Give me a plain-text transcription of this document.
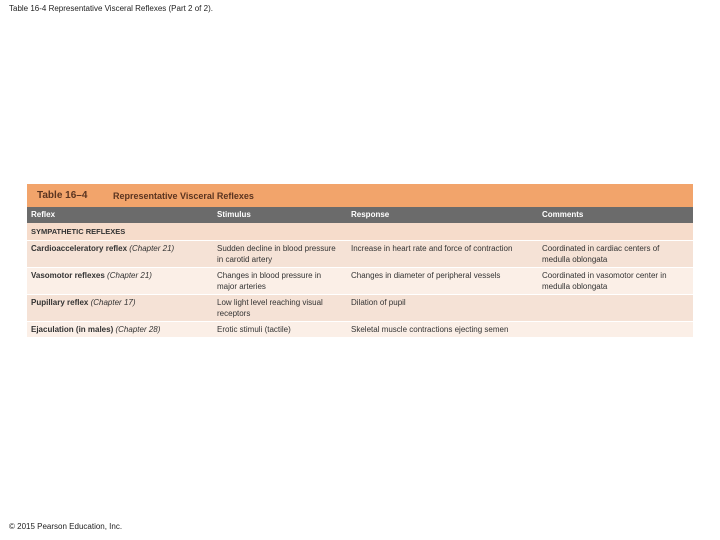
Table 16-4 Representative Visceral Reflexes (Part 2 of 2).
Table 16–4	Representative Visceral Reflexes
Reflex	Stimulus	Response	Comments
SYMPATHETIC REFLEXES			
Cardioacceleratory reflex (Chapter 21)	Sudden decline in blood pressure in carotid artery	Increase in heart rate and force of contraction	Coordinated in cardiac centers of medulla oblongata
Vasomotor reflexes (Chapter 21)	Changes in blood pressure in major arteries	Changes in diameter of peripheral vessels	Coordinated in vasomotor center in medulla oblongata
Pupillary reflex (Chapter 17)	Low light level reaching visual receptors	Dilation of pupil	
Ejaculation (in males) (Chapter 28)	Erotic stimuli (tactile)	Skeletal muscle contractions ejecting semen	
© 2015 Pearson Education, Inc.
